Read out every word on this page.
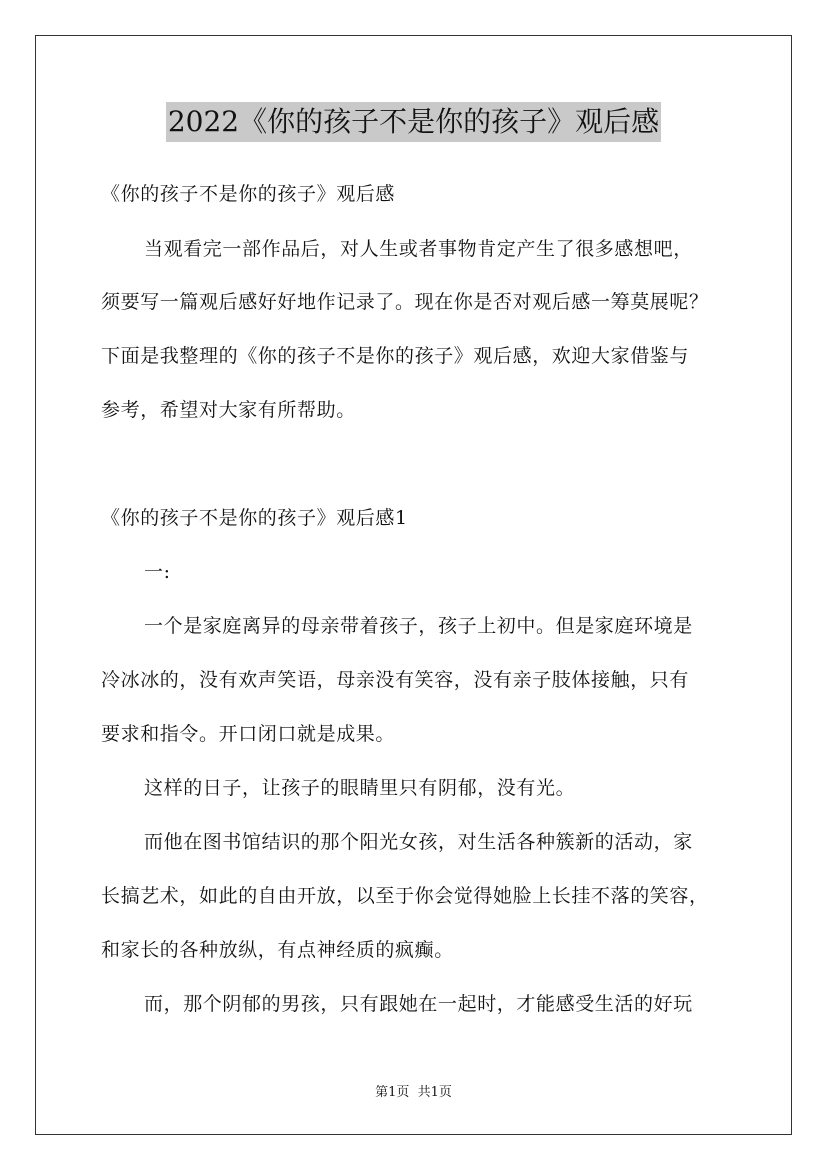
2022《你的孩子不是你的孩子》观后感
《你的孩子不是你的孩子》观后感
当观看完一部作品后，对人生或者事物肯定产生了很多感想吧，
须要写一篇观后感好好地作记录了。现在你是否对观后感一筹莫展呢？
下面是我整理的《你的孩子不是你的孩子》观后感，欢迎大家借鉴与
参考，希望对大家有所帮助。
《你的孩子不是你的孩子》观后感1
一:
一个是家庭离异的母亲带着孩子，孩子上初中。但是家庭环境是
冷冰冰的，没有欢声笑语，母亲没有笑容，没有亲子肢体接触，只有
要求和指令。开口闭口就是成果。
这样的日子，让孩子的眼睛里只有阴郁，没有光。
而他在图书馆结识的那个阳光女孩，对生活各种簇新的活动，家
长搞艺术，如此的自由开放，以至于你会觉得她脸上长挂不落的笑容，
和家长的各种放纵，有点神经质的疯癫。
而，那个阴郁的男孩，只有跟她在一起时，才能感受生活的好玩
第1页  共1页
